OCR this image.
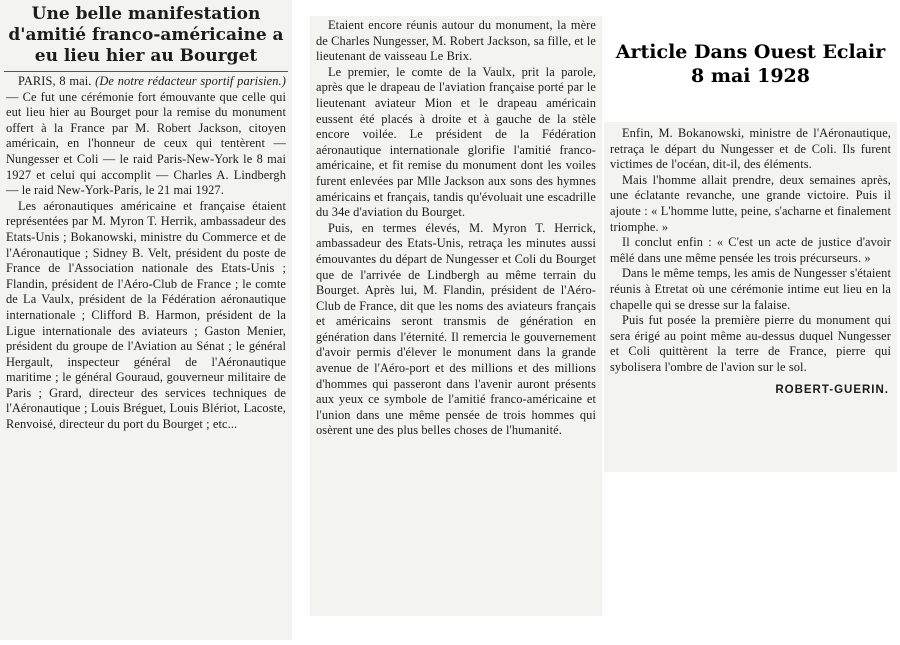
Une belle manifestation d'amitié franco-américaine a eu lieu hier au Bourget

PARIS, 8 mai. (De notre rédacteur sportif parisien.) — Ce fut une cérémonie fort émouvante que celle qui eut lieu hier au Bourget pour la remise du monument offert à la France par M. Robert Jackson, citoyen américain, en l'honneur de ceux qui tentèrent — Nungesser et Coli — le raid Paris-New-York le 8 mai 1927 et celui qui accomplit — Charles A. Lindbergh — le raid New-York-Paris, le 21 mai 1927.

Les aéronautiques américaine et française étaient représentées par M. Myron T. Herrik, ambassadeur des Etats-Unis ; Bokanowski, ministre du Commerce et de l'Aéronautique ; Sidney B. Velt, président du poste de France de l'Association nationale des Etats-Unis ; Flandin, président de l'Aéro-Club de France ; le comte de La Vaulx, président de la Fédération aéronautique internationale ; Clifford B. Harmon, président de la Ligue internationale des aviateurs ; Gaston Menier, président du groupe de l'Aviation au Sénat ; le général Hergault, inspecteur général de l'Aéronautique maritime ; le général Gouraud, gouverneur militaire de Paris ; Grard, directeur des services techniques de l'Aéronautique ; Louis Bréguet, Louis Blériot, Lacoste, Renvoisé, directeur du port du Bourget ; etc...

Etaient encore réunis autour du monument, la mère de Charles Nungesser, M. Robert Jackson, sa fille, et le lieutenant de vaisseau Le Brix.

Le premier, le comte de la Vaulx, prit la parole, après que le drapeau de l'aviation française porté par le lieutenant aviateur Mion et le drapeau américain eussent été placés à droite et à gauche de la stèle encore voilée. Le président de la Fédération aéronautique internationale glorifie l'amitié franco-américaine, et fit remise du monument dont les voiles furent enlevées par Mlle Jackson aux sons des hymnes américains et français, tandis qu'évoluait une escadrille du 34e d'aviation du Bourget.

Puis, en termes élevés, M. Myron T. Herrick, ambassadeur des Etats-Unis, retraça les minutes aussi émouvantes du départ de Nungesser et Coli du Bourget que de l'arrivée de Lindbergh au même terrain du Bourget. Après lui, M. Flandin, président de l'Aéro-Club de France, dit que les noms des aviateurs français et américains seront transmis de génération en génération dans l'éternité. Il remercia le gouvernement d'avoir permis d'élever le monument dans la grande avenue de l'Aéro-port et des millions et des millions d'hommes qui passeront dans l'avenir auront présents aux yeux ce symbole de l'amitié franco-américaine et l'union dans une même pensée de trois hommes qui osèrent une des plus belles choses de l'humanité.

Article Dans Ouest Eclair
8 mai 1928

Enfin, M. Bokanowski, ministre de l'Aéronautique, retraça le départ du Nungesser et de Coli. Ils furent victimes de l'océan, dit-il, des éléments.

Mais l'homme allait prendre, deux semaines après, une éclatante revanche, une grande victoire. Puis il ajoute : « L'homme lutte, peine, s'acharne et finalement triomphe. »

Il conclut enfin : « C'est un acte de justice d'avoir mêlé dans une même pensée les trois précurseurs. »

Dans le même temps, les amis de Nungesser s'étaient réunis à Etretat où une cérémonie intime eut lieu en la chapelle qui se dresse sur la falaise.

Puis fut posée la première pierre du monument qui sera érigé au point même au-dessus duquel Nungesser et Coli quittèrent la terre de France, pierre qui sybolisera l'ombre de l'avion sur le sol.

ROBERT-GUERIN.
